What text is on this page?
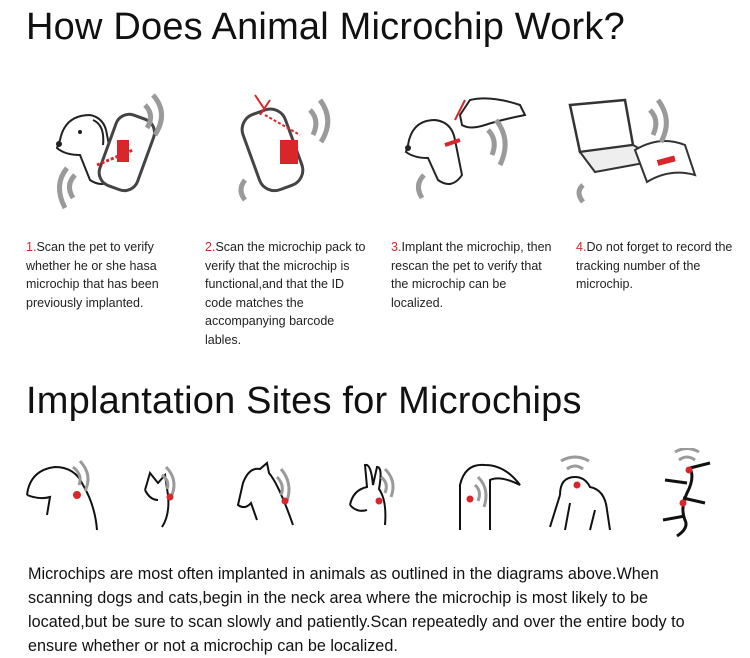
How Does Animal Microchip Work?
1.Scan the pet to verify whether he or she hasa microchip that has been previously implanted.
2.Scan the microchip pack to verify that the microchip is functional,and that the ID code matches the accompanying barcode lables.
3.Implant the microchip, then rescan the pet to verify that the microchip can be localized.
4.Do not forget to record the tracking number of the microchip.
Implantation Sites for Microchips
Microchips are most often implanted in animals as outlined in the diagrams above.When scanning dogs and cats,begin in the neck area where the microchip is most likely to be located,but be sure to scan slowly and patiently.Scan repeatedly and over the entire body to ensure whether or not a microchip can be localized.
